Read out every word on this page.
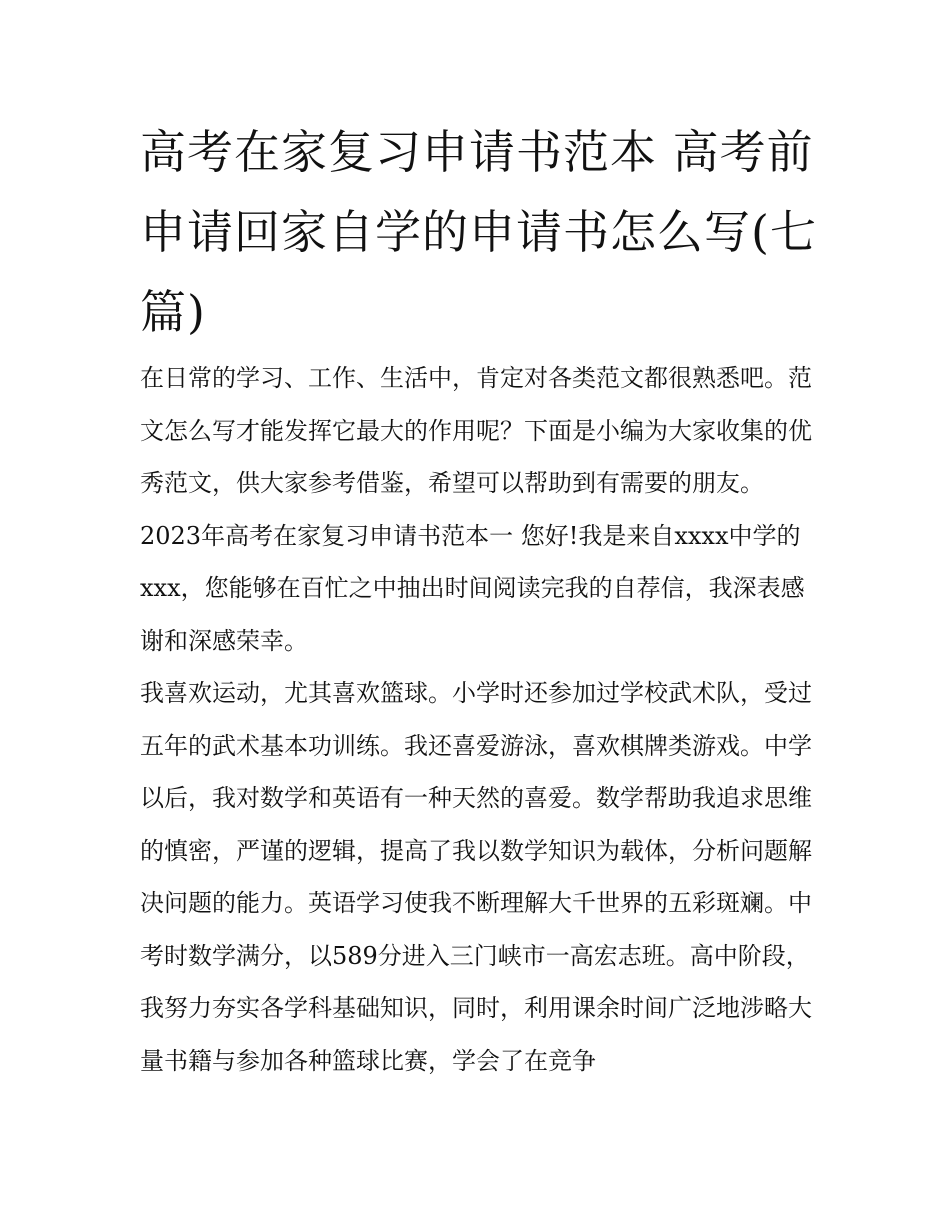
高考在家复习申请书范本 高考前申请回家自学的申请书怎么写(七篇)

在日常的学习、工作、生活中，肯定对各类范文都很熟悉吧。范文怎么写才能发挥它最大的作用呢？下面是小编为大家收集的优秀范文，供大家参考借鉴，希望可以帮助到有需要的朋友。

2023年高考在家复习申请书范本一 您好!我是来自xxxx中学的xxx，您能够在百忙之中抽出时间阅读完我的自荐信，我深表感谢和深感荣幸。

我喜欢运动，尤其喜欢篮球。小学时还参加过学校武术队，受过五年的武术基本功训练。我还喜爱游泳，喜欢棋牌类游戏。中学以后，我对数学和英语有一种天然的喜爱。数学帮助我追求思维的慎密，严谨的逻辑，提高了我以数学知识为载体，分析问题解决问题的能力。英语学习使我不断理解大千世界的五彩斑斓。中考时数学满分，以589分进入三门峡市一高宏志班。高中阶段，我努力夯实各学科基础知识，同时，利用课余时间广泛地涉略大量书籍与参加各种篮球比赛，学会了在竞争
